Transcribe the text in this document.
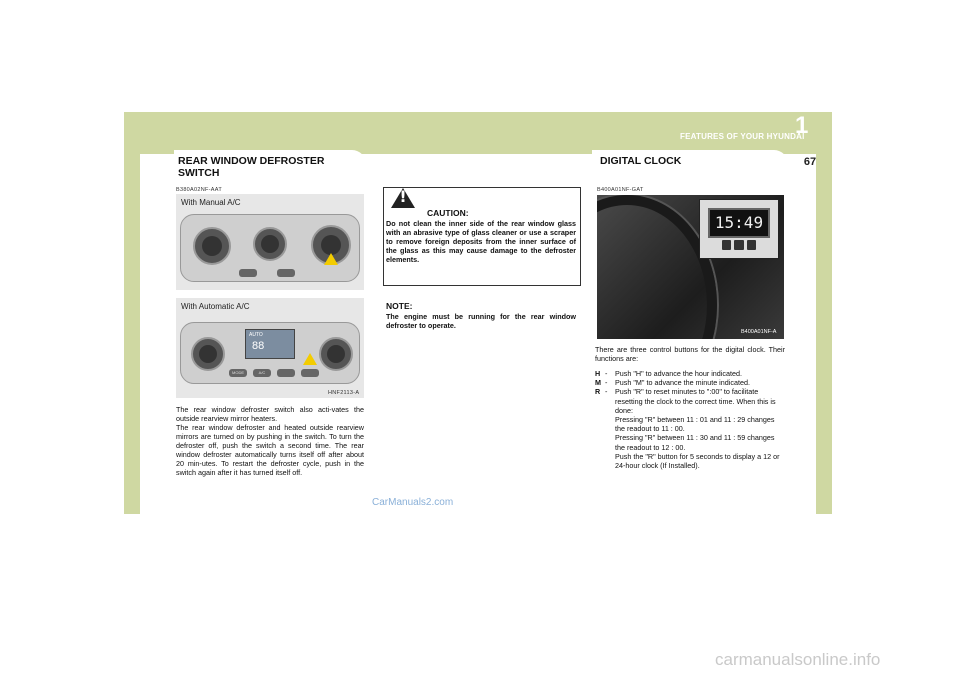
1
FEATURES OF YOUR HYUNDAI
67
REAR WINDOW DEFROSTER SWITCH
B380A02NF-AAT
With Manual A/C
With Automatic A/C
AUTO
88
MODE	A/C
HNF2113-A
The rear window defroster switch also acti-vates the outside rearview mirror heaters.
The rear window defroster and heated outside rearview mirrors are turned on by pushing in the switch. To turn the defroster off, push the switch a second time. The rear window defroster automatically turns itself off after about 20 min-utes. To restart the defroster cycle, push in the switch again after it has turned itself off.
!
CAUTION:
Do not clean the inner side of the rear window glass with an abrasive type of glass cleaner or use a scraper to remove foreign deposits from the inner surface of the glass as this may cause damage to the defroster elements.
NOTE:
The engine must be running for the rear window defroster to operate.
DIGITAL CLOCK
B400A01NF-GAT
15:49
B400A01NF-A
There are three control buttons for the digital clock. Their functions are:
H -	Push "H" to advance the hour indicated.
M -	Push "M" to advance the minute indicated.
R -	Push "R" to reset minutes to ":00" to facilitate resetting the clock to the correct time. When this is done:
Pressing "R" between 11 : 01 and 11 : 29 changes the readout to 11 : 00.
Pressing "R" between 11 : 30 and 11 : 59 changes the readout to 12 : 00.
Push the "R" button for 5 seconds to display a 12 or 24-hour clock (If Installed).
CarManuals2.com
carmanualsonline.info
